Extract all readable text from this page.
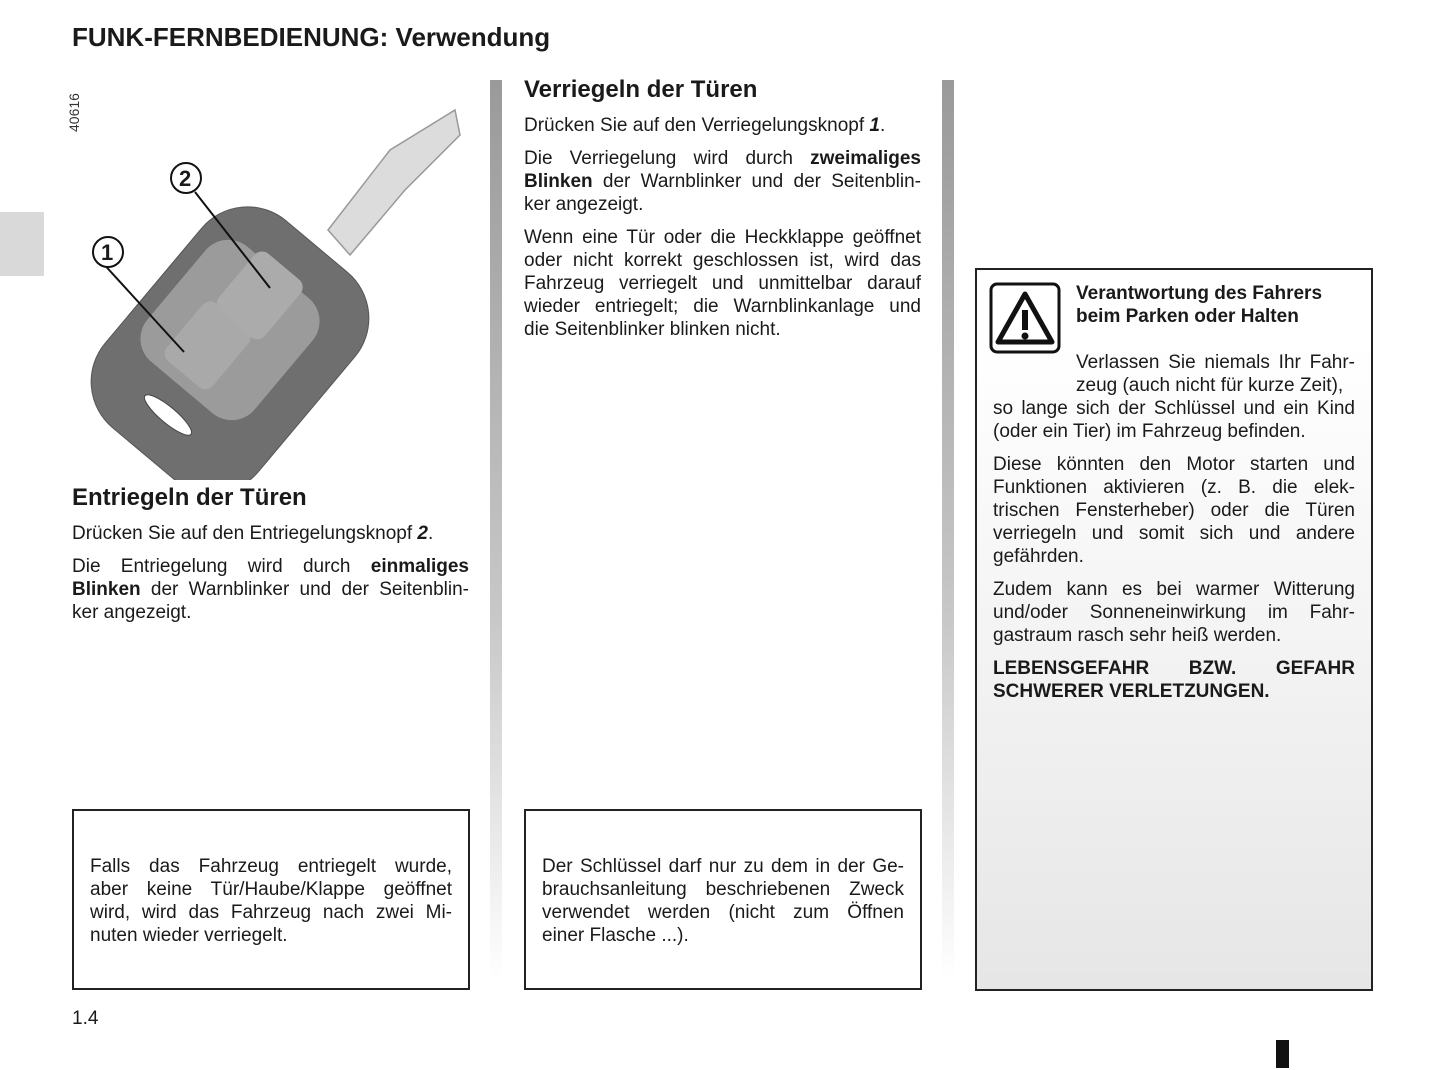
FUNK-FERNBEDIENUNG: Verwendung
40616
1
2
Entriegeln der Türen
Drücken Sie auf den Entriegelungsknopf 2.
Die Entriegelung wird durch einmaliges
Blinken der Warnblinker und der Seitenblin-
ker angezeigt.
Falls das Fahrzeug entriegelt wurde,
aber keine Tür/Haube/Klappe geöffnet
wird, wird das Fahrzeug nach zwei Mi-
nuten wieder verriegelt.
Verriegeln der Türen
Drücken Sie auf den Verriegelungsknopf 1.
Die Verriegelung wird durch zweimaliges
Blinken der Warnblinker und der Seitenblin-
ker angezeigt.
Wenn eine Tür oder die Heckklappe geöffnet
oder nicht korrekt geschlossen ist, wird das
Fahrzeug verriegelt und unmittelbar darauf
wieder entriegelt; die Warnblinkanlage und
die Seitenblinker blinken nicht.
Der Schlüssel darf nur zu dem in der Ge-
brauchsanleitung beschriebenen Zweck
verwendet werden (nicht zum Öffnen
einer Flasche ...).
Verantwortung des Fahrers
beim Parken oder Halten
Verlassen Sie niemals Ihr Fahr-
zeug (auch nicht für kurze Zeit),
so lange sich der Schlüssel und ein Kind
(oder ein Tier) im Fahrzeug befinden.
Diese könnten den Motor starten und
Funktionen aktivieren (z. B. die elek-
trischen Fensterheber) oder die Türen
verriegeln und somit sich und andere
gefährden.
Zudem kann es bei warmer Witterung
und/oder Sonneneinwirkung im Fahr-
gastraum rasch sehr heiß werden.
LEBENSGEFAHR BZW. GEFAHR
SCHWERER VERLETZUNGEN.
1.4
